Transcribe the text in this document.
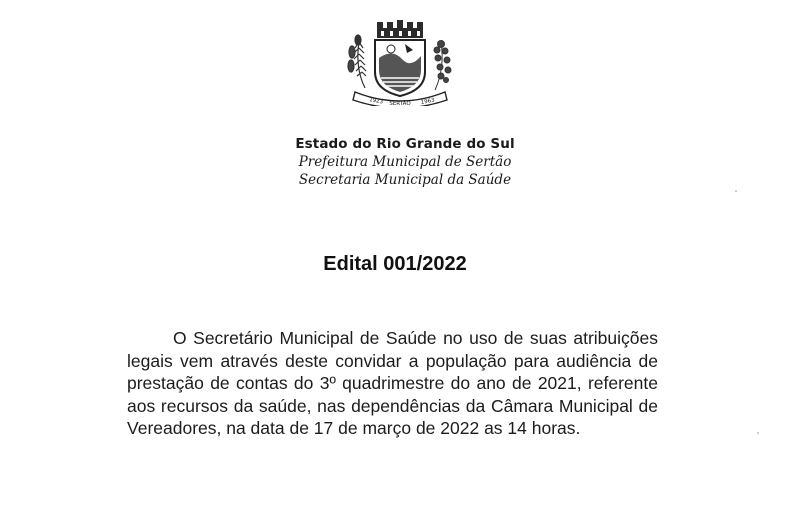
1923 SERTÃO 1963
Estado do Rio Grande do Sul
Prefeitura Municipal de Sertão
Secretaria Municipal da Saúde
Edital 001/2022
O Secretário Municipal de Saúde no uso de suas atribuições legais vem através deste convidar a população para audiência de prestação de contas do 3º quadrimestre do ano de 2021, referente aos recursos da saúde, nas dependências da Câmara Municipal de Vereadores, na data de 17 de março de 2022 as 14 horas.
